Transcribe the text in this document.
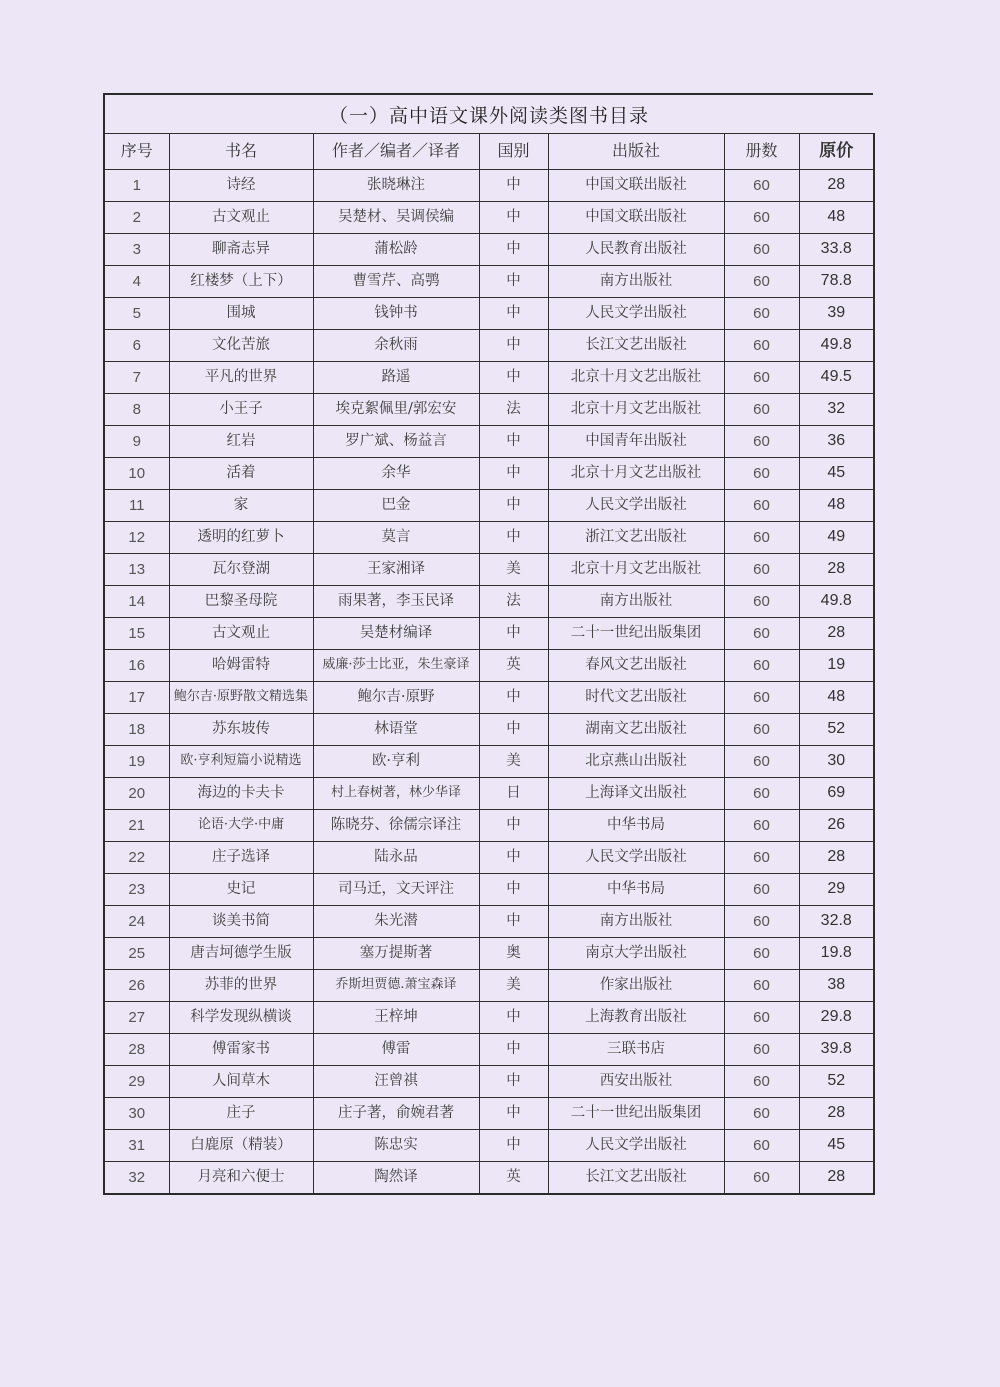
（一）高中语文课外阅读类图书目录
序号	书名	作者／编者／译者	国别	出版社	册数	原价
1	诗经	张晓琳注	中	中国文联出版社	60	28
2	古文观止	吴楚材、吴调侯编	中	中国文联出版社	60	48
3	聊斋志异	蒲松龄	中	人民教育出版社	60	33.8
4	红楼梦（上下）	曹雪芹、高鹗	中	南方出版社	60	78.8
5	围城	钱钟书	中	人民文学出版社	60	39
6	文化苦旅	余秋雨	中	长江文艺出版社	60	49.8
7	平凡的世界	路遥	中	北京十月文艺出版社	60	49.5
8	小王子	埃克絮佩里/郭宏安	法	北京十月文艺出版社	60	32
9	红岩	罗广斌、杨益言	中	中国青年出版社	60	36
10	活着	余华	中	北京十月文艺出版社	60	45
11	家	巴金	中	人民文学出版社	60	48
12	透明的红萝卜	莫言	中	浙江文艺出版社	60	49
13	瓦尔登湖	王家湘译	美	北京十月文艺出版社	60	28
14	巴黎圣母院	雨果著，李玉民译	法	南方出版社	60	49.8
15	古文观止	吴楚材编译	中	二十一世纪出版集团	60	28
16	哈姆雷特	威廉·莎士比亚，朱生豪译	英	春风文艺出版社	60	19
17	鲍尔吉·原野散文精选集	鲍尔吉·原野	中	时代文艺出版社	60	48
18	苏东坡传	林语堂	中	湖南文艺出版社	60	52
19	欧·亨利短篇小说精选	欧·亨利	美	北京燕山出版社	60	30
20	海边的卡夫卡	村上春树著，林少华译	日	上海译文出版社	60	69
21	论语·大学·中庸	陈晓芬、徐儒宗译注	中	中华书局	60	26
22	庄子选译	陆永品	中	人民文学出版社	60	28
23	史记	司马迁，文天评注	中	中华书局	60	29
24	谈美书简	朱光潜	中	南方出版社	60	32.8
25	唐吉坷德学生版	塞万提斯著	奥	南京大学出版社	60	19.8
26	苏菲的世界	乔斯坦贾德.萧宝森译	美	作家出版社	60	38
27	科学发现纵横谈	王梓坤	中	上海教育出版社	60	29.8
28	傅雷家书	傅雷	中	三联书店	60	39.8
29	人间草木	汪曾祺	中	西安出版社	60	52
30	庄子	庄子著，俞婉君著	中	二十一世纪出版集团	60	28
31	白鹿原（精装）	陈忠实	中	人民文学出版社	60	45
32	月亮和六便士	陶然译	英	长江文艺出版社	60	28
